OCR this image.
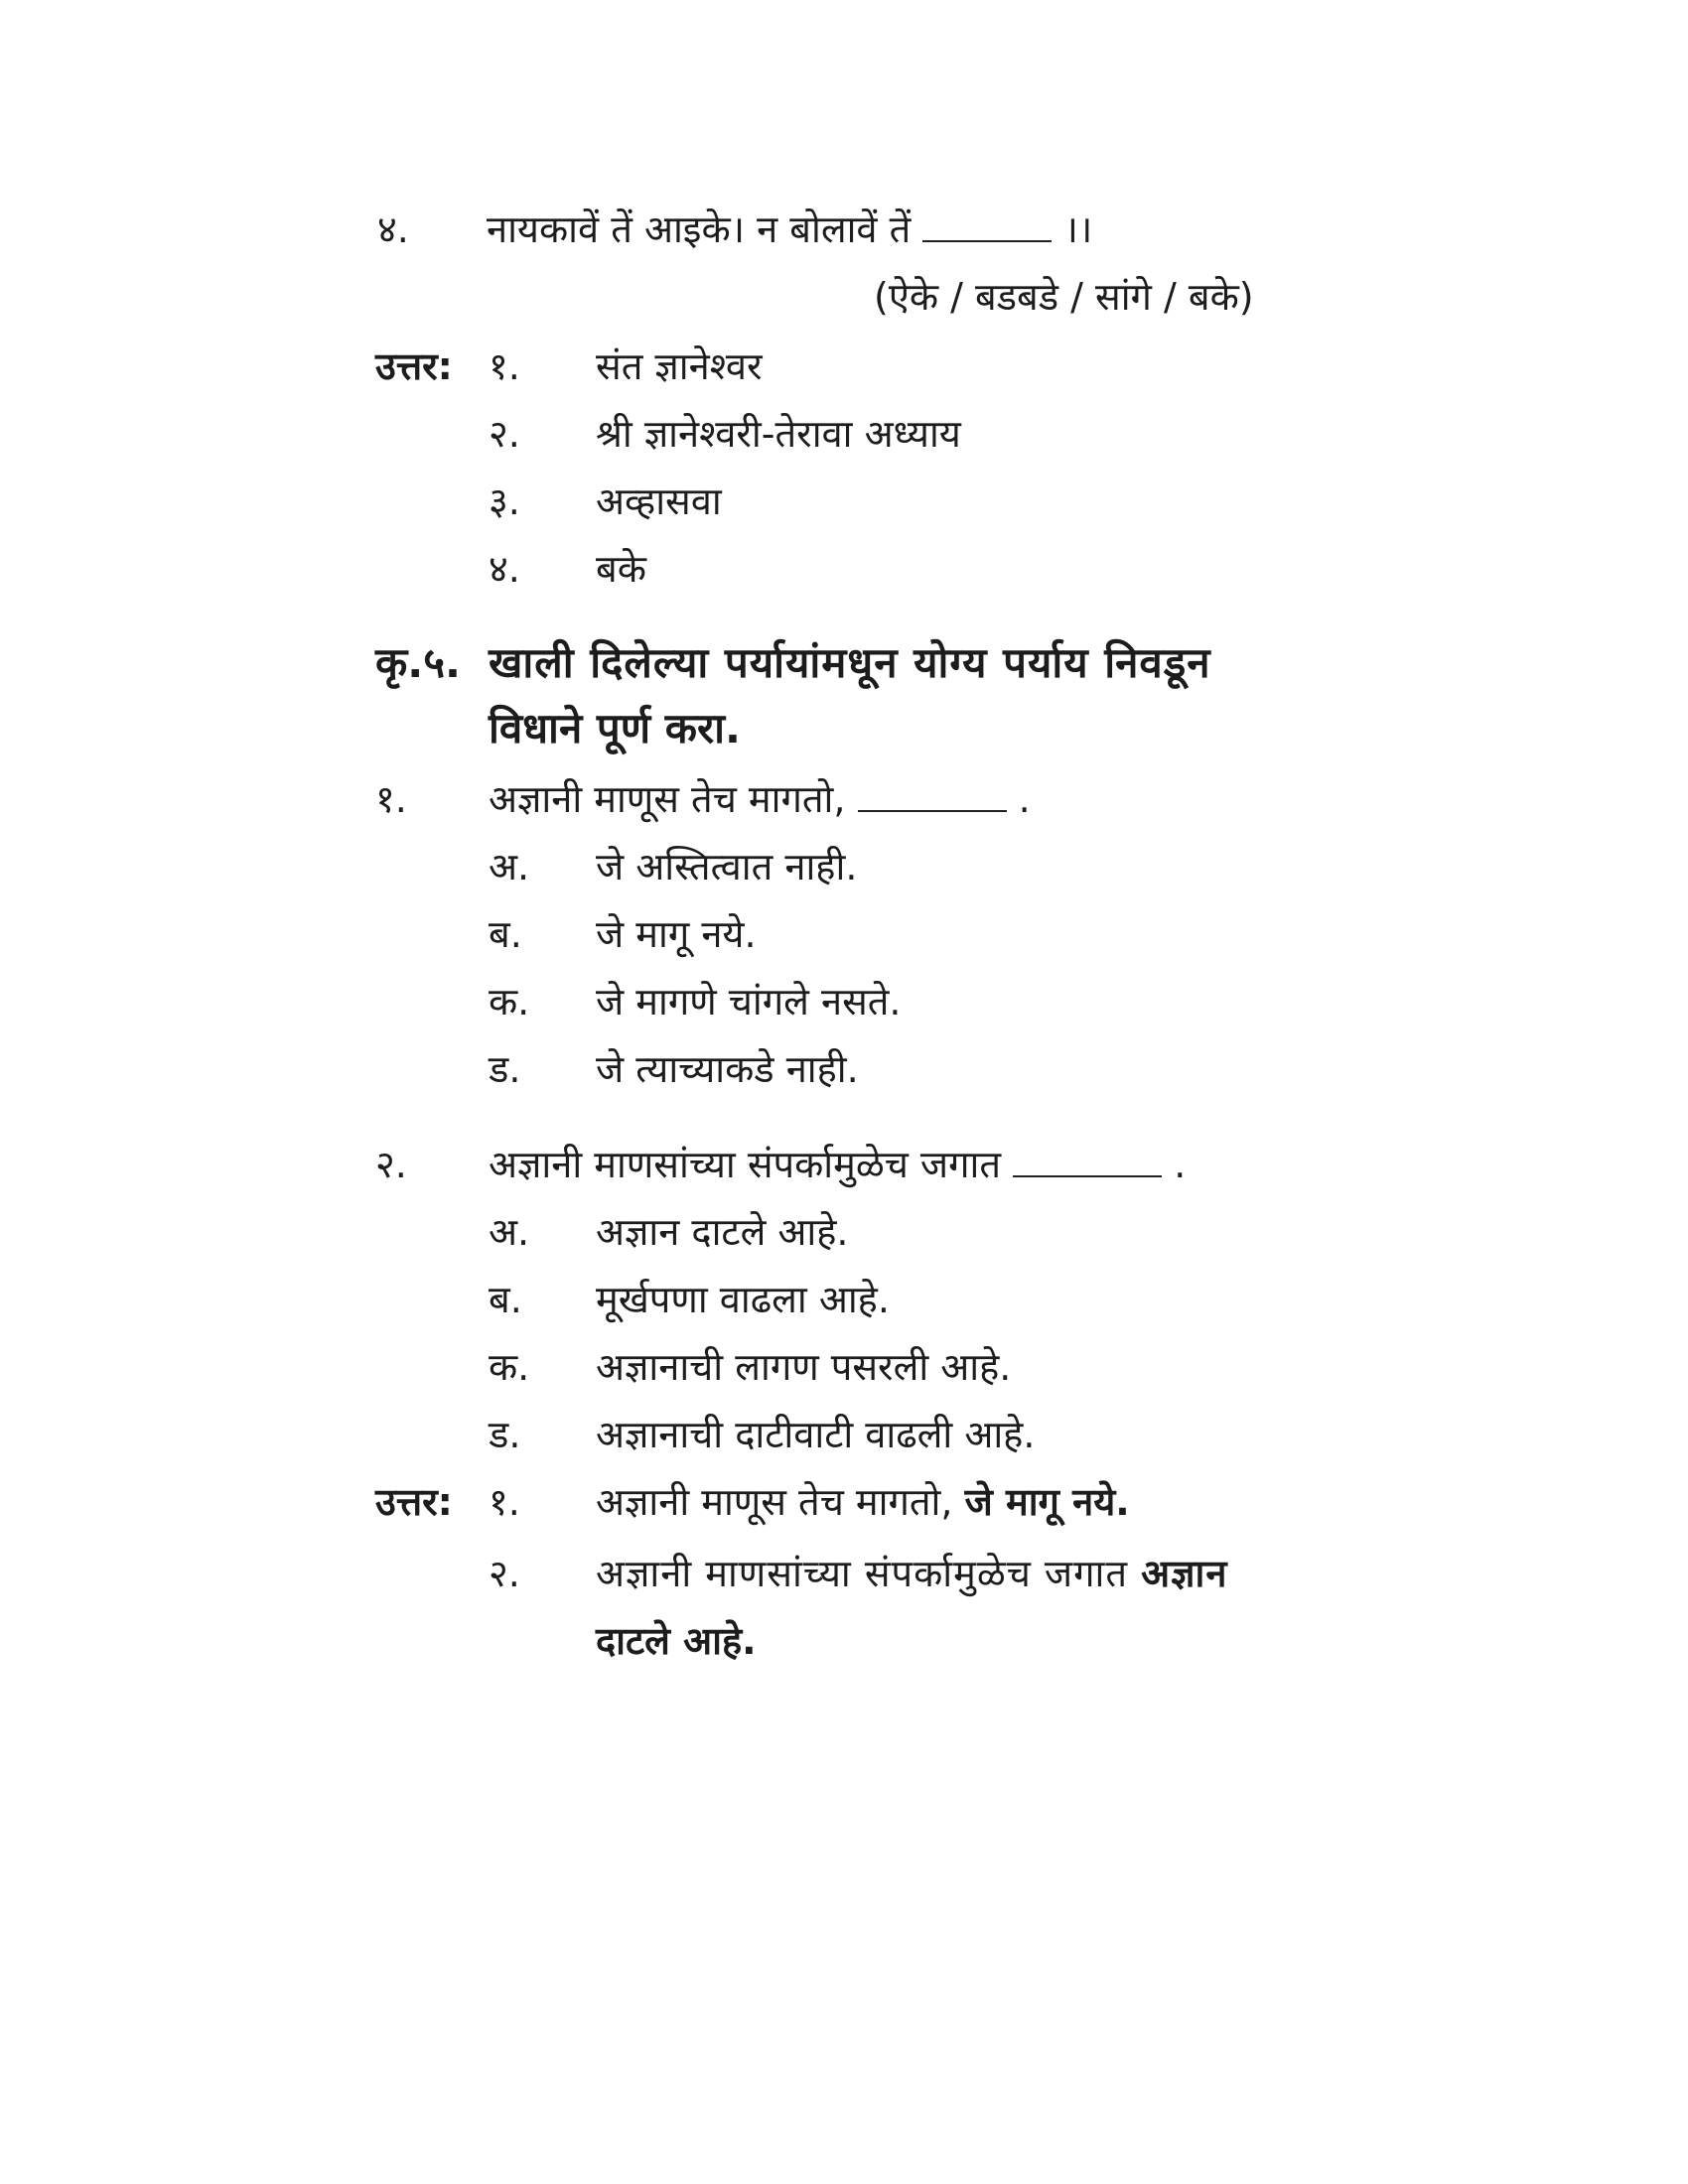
४. नायकावें तें आइके। न बोलावें तें	।।
(ऐके / बडबडे / सांगे / बके)
उत्तर: १. संत ज्ञानेश्वर
२. श्री ज्ञानेश्वरी-तेरावा अध्याय
३. अव्हासवा
४. बके
कृ.५. खाली दिलेल्या पर्यायांमधून योग्य पर्याय निवडून
विधाने पूर्ण करा.
१. अज्ञानी माणूस तेच मागतो,	.
अ. जे अस्तित्वात नाही.
ब. जे मागू नये.
क. जे मागणे चांगले नसते.
ड. जे त्याच्याकडे नाही.
२. अज्ञानी माणसांच्या संपर्कामुळेच जगात	.
अ. अज्ञान दाटले आहे.
ब. मूर्खपणा वाढला आहे.
क. अज्ञानाची लागण पसरली आहे.
ड. अज्ञानाची दाटीवाटी वाढली आहे.
उत्तर: १. अज्ञानी माणूस तेच मागतो, जे मागू नये.
२. अज्ञानी माणसांच्या संपर्कामुळेच जगात अज्ञान
दाटले आहे.
